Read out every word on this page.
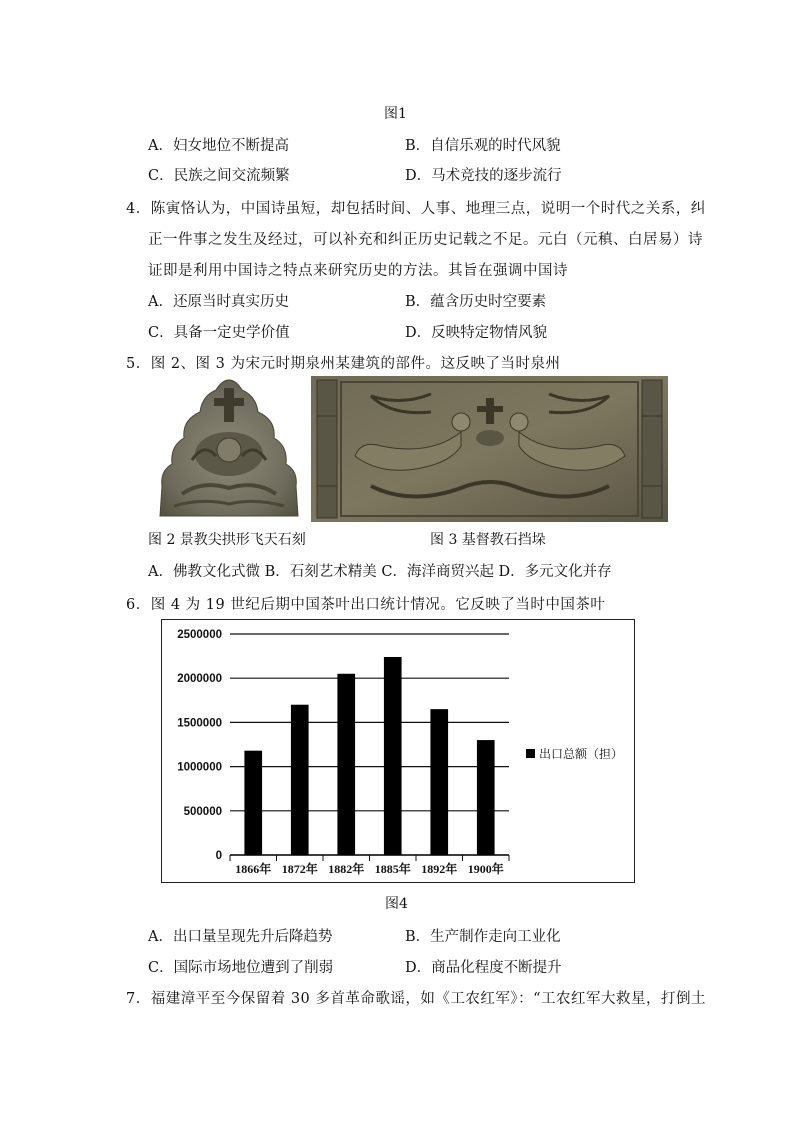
图1
A．妇女地位不断提高	B．自信乐观的时代风貌
C．民族之间交流频繁	D．马术竞技的逐步流行
4．陈寅恪认为，中国诗虽短，却包括时间、人事、地理三点，说明一个时代之关系，纠
正一件事之发生及经过，可以补充和纠正历史记载之不足。元白（元稹、白居易）诗
证即是利用中国诗之特点来研究历史的方法。其旨在强调中国诗
A．还原当时真实历史	B．蕴含历史时空要素
C．具备一定史学价值	D．反映特定物情风貌
5．图 2、图 3 为宋元时期泉州某建筑的部件。这反映了当时泉州
图 2 景教尖拱形飞天石刻	图 3 基督教石挡垛
A．佛教文化式微 B．石刻艺术精美 C．海洋商贸兴起 D．多元文化并存
6．图 4 为 19 世纪后期中国茶叶出口统计情况。它反映了当时中国茶叶
0
500000
1000000
1500000
2000000
2500000
1866年 1872年 1882年 1885年 1892年 1900年
出口总额（担）
图4
A．出口量呈现先升后降趋势	B．生产制作走向工业化
C．国际市场地位遭到了削弱	D．商品化程度不断提升
7．福建漳平至今保留着 30 多首革命歌谣，如《工农红军》：“工农红军大救星，打倒土
